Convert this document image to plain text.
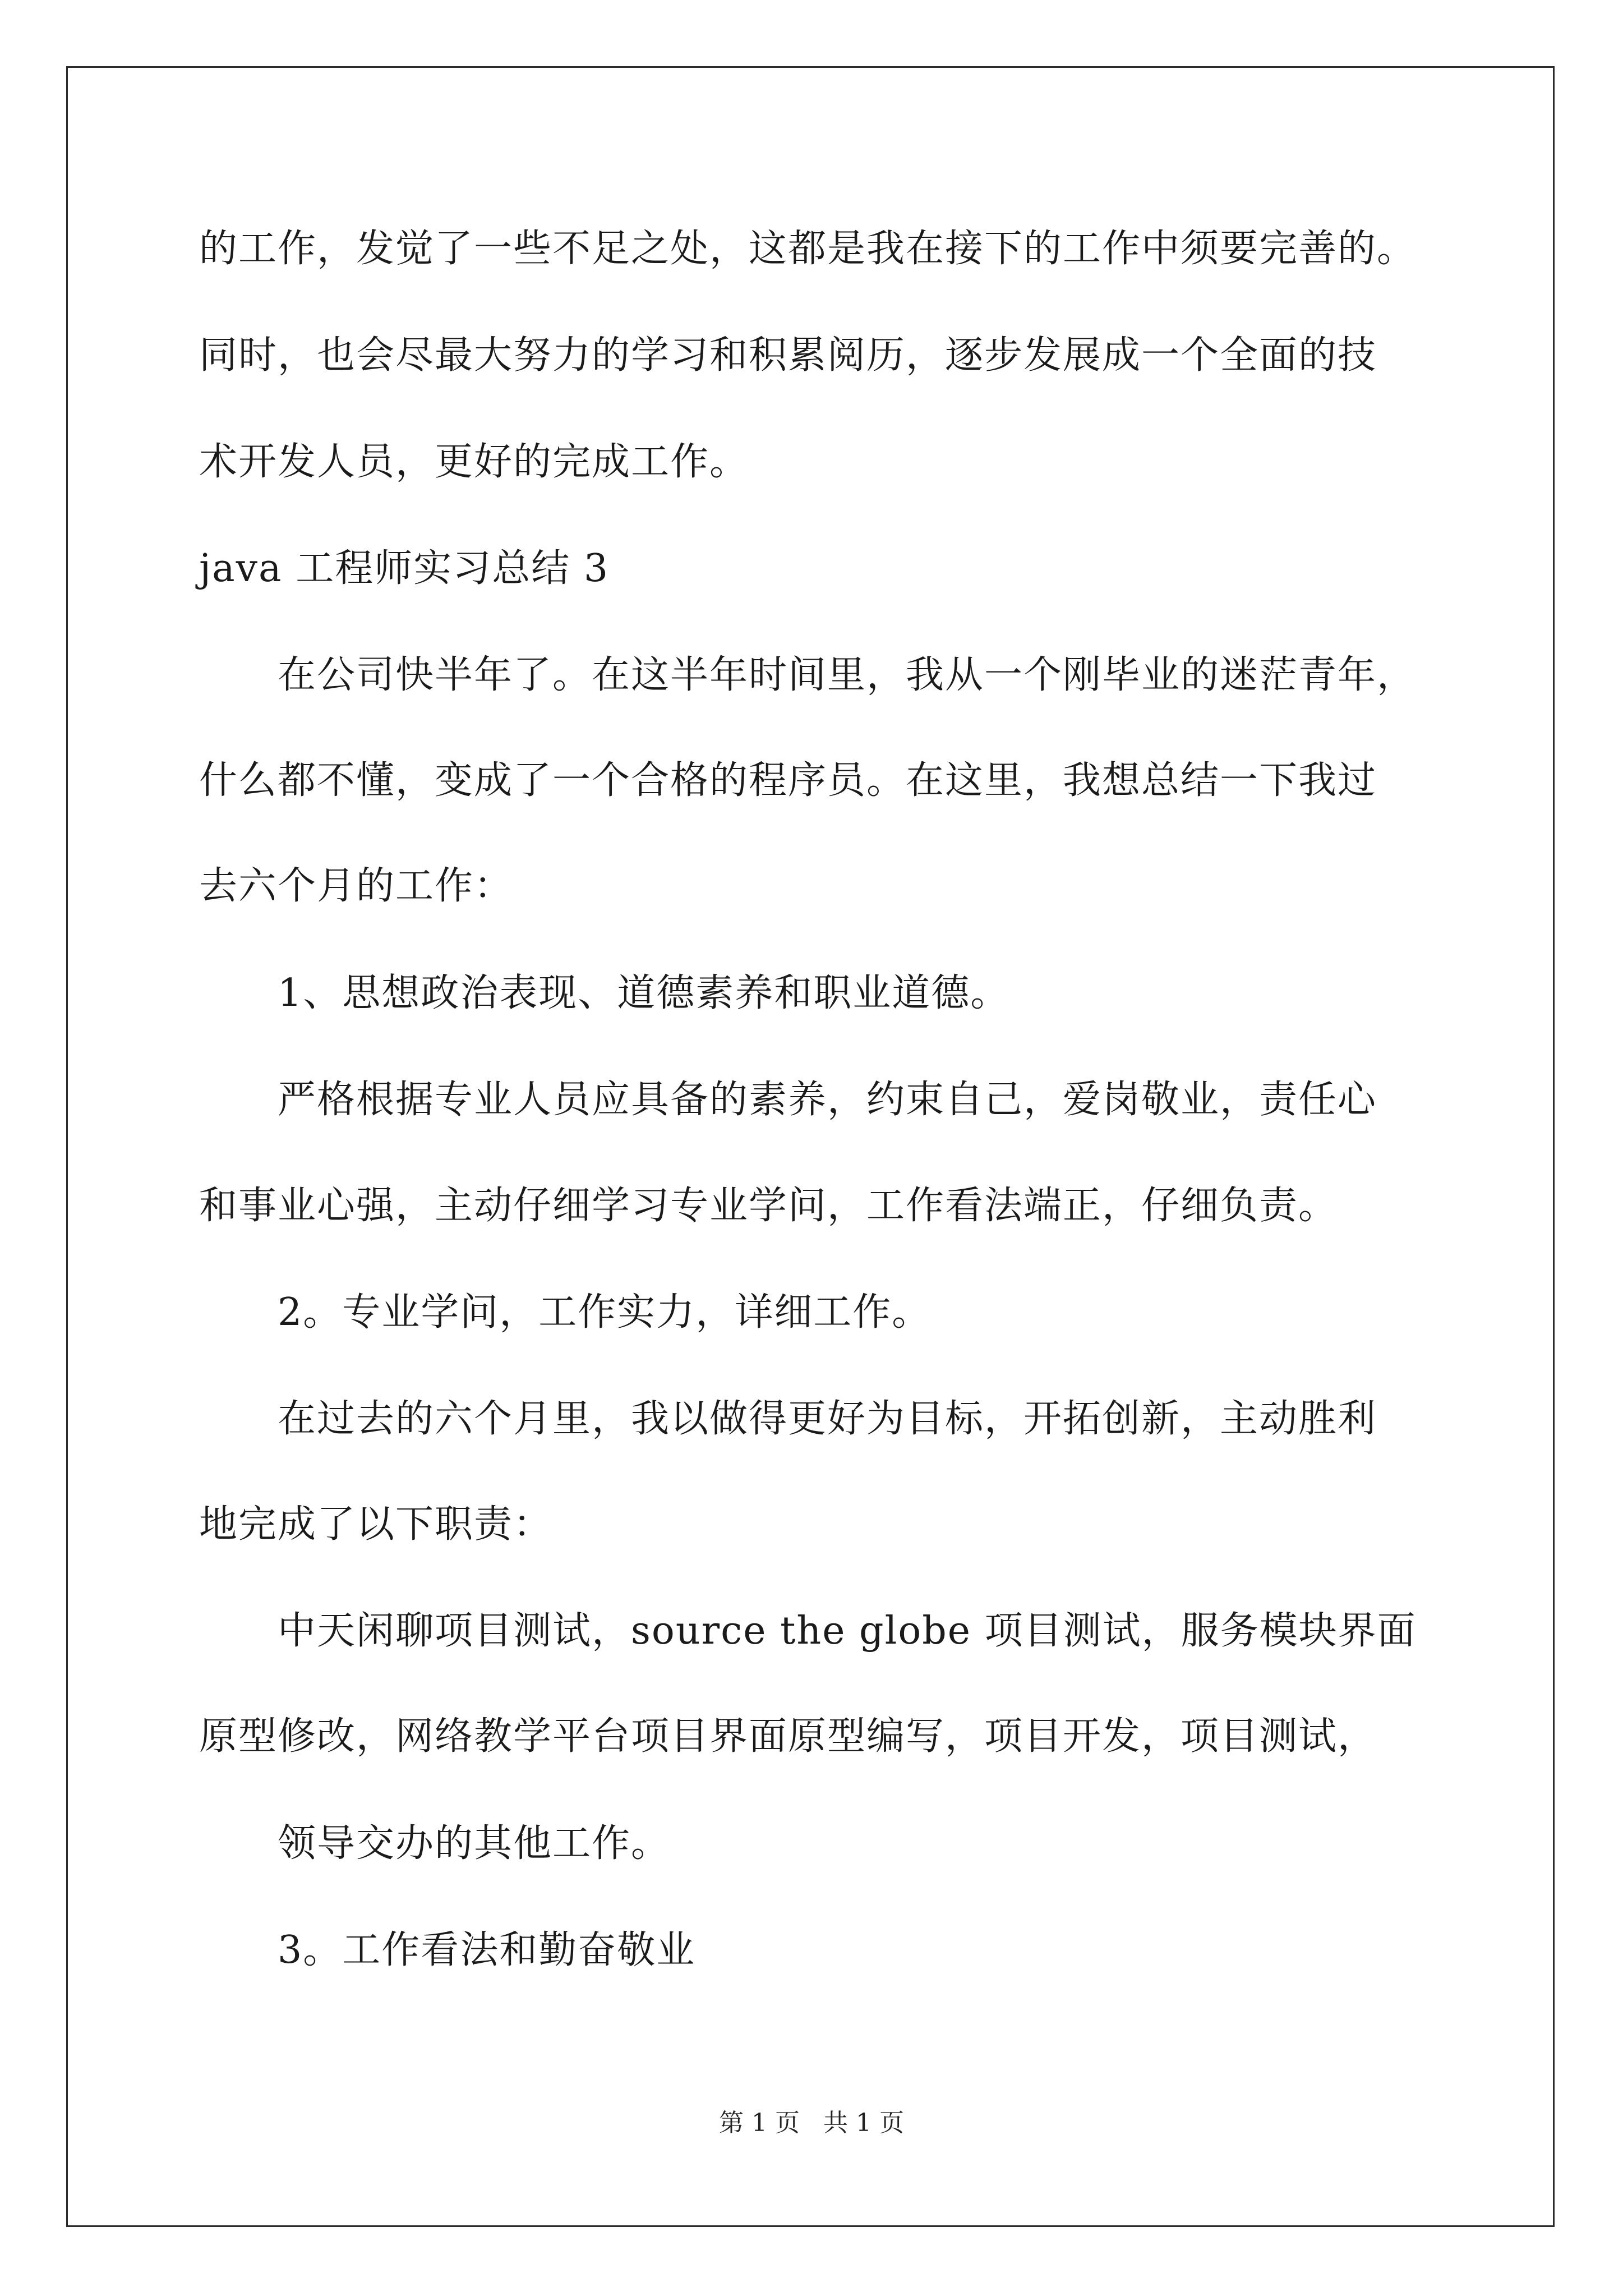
的工作，发觉了一些不足之处，这都是我在接下的工作中须要完善的。

同时，也会尽最大努力的学习和积累阅历，逐步发展成一个全面的技

术开发人员，更好的完成工作。

java 工程师实习总结 3

在公司快半年了。在这半年时间里，我从一个刚毕业的迷茫青年，

什么都不懂，变成了一个合格的程序员。在这里，我想总结一下我过

去六个月的工作：

1、思想政治表现、道德素养和职业道德。

严格根据专业人员应具备的素养，约束自己，爱岗敬业，责任心

和事业心强，主动仔细学习专业学问，工作看法端正，仔细负责。

2。专业学问，工作实力，详细工作。

在过去的六个月里，我以做得更好为目标，开拓创新，主动胜利

地完成了以下职责：

中天闲聊项目测试，source the globe 项目测试，服务模块界面

原型修改，网络教学平台项目界面原型编写，项目开发，项目测试，

领导交办的其他工作。

3。工作看法和勤奋敬业

第 1 页 共 1 页
